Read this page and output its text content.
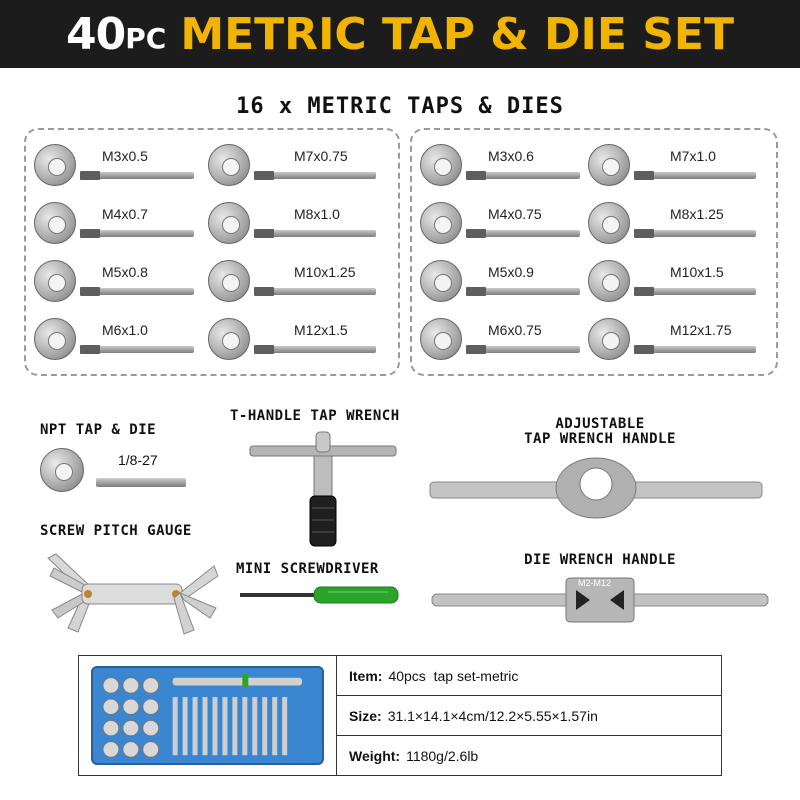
40 PC METRIC TAP & DIE SET
16 x METRIC TAPS & DIES
M3x0.5	M7x0.75
M4x0.7	M8x1.0
M5x0.8	M10x1.25
M6x1.0	M12x1.5
M3x0.6	M7x1.0
M4x0.75	M8x1.25
M5x0.9	M10x1.5
M6x0.75	M12x1.75
NPT TAP & DIE
1/8-27
T-HANDLE TAP WRENCH	ADJUSTABLE
TAP WRENCH HANDLE
SCREW PITCH GAUGE
MINI SCREWDRIVER
DIE WRENCH HANDLE
M2-M12
Item: 40pcs  tap set-metric
Size: 31.1×14.1×4cm/12.2×5.55×1.57in
Weight: 1180g/2.6lb
